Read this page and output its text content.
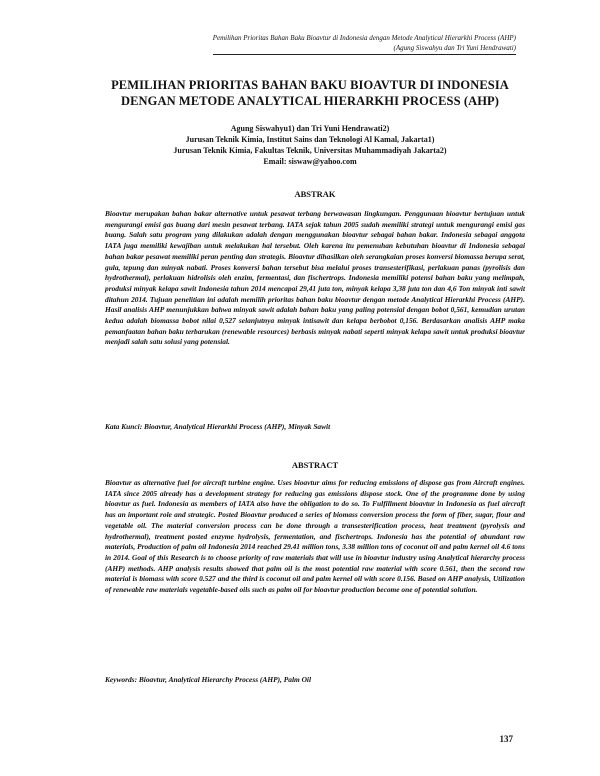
Pemilihan Prioritas Bahan Baku Bioavtur di Indonesia dengan Metode Analytical Hierarkhi Process (AHP)
(Agung Siswahyu dan Tri Yuni Hendrawati)
PEMILIHAN PRIORITAS BAHAN BAKU BIOAVTUR DI INDONESIA
DENGAN METODE ANALYTICAL HIERARKHI PROCESS (AHP)
Agung Siswahyu1) dan Tri Yuni Hendrawati2)
Jurusan Teknik Kimia, Institut Sains dan Teknologi Al Kamal, Jakarta1)
Jurusan Teknik Kimia, Fakultas Teknik, Universitas Muhammadiyah Jakarta2)
Email: siswaw@yahoo.com
ABSTRAK
Bioavtur merupakan bahan bakar alternative untuk pesawat terbang berwawasan lingkungan. Penggunaan bioavtur bertujuan untuk mengurangi emisi gas buang dari mesin pesawat terbang. IATA sejak tahun 2005 sudah memiliki strategi untuk mengurangi emisi gas buang. Salah satu program yang dilakukan adalah dengan menggunakan bioavtur sebagai bahan bakar. Indonesia sebagai anggota IATA juga memiliki kewajiban untuk melakukan hal tersebut. Oleh karena itu pemenuhan kebutuhan bioavtur di Indonesia sebagai bahan bakar pesawat memiliki peran penting dan strategis. Bioavtur dihasilkan oleh serangkaian proses konversi biomassa berupa serat, gula, tepung dan minyak nabati. Proses konversi bahan tersebut bisa melalui proses transesterifikasi, perlakuan panas (pyrolisis dan hydrothermal), perlakuan hidrolisis oleh enzim, fermentasi, dan fischertrops. Indonesia memiliki potensi bahan baku yang melimpah, produksi minyak kelapa sawit Indonesia tahun 2014 mencapai 29,41 juta ton, minyak kelapa 3,38 juta ton dan 4,6 Ton minyak inti sawit ditahun 2014. Tujuan penelitian ini adalah memilih prioritas bahan baku bioavtur dengan metode Analytical Hierarkhi Process (AHP). Hasil analisis AHP menunjukkan bahwa minyak sawit adalah bahan baku yang paling potensial dengan bobot 0,561, kemudian urutan kedua adalah biomassa bobot nilai 0,527 selanjutnya minyak intisawit dan kelapa berbobot 0,156. Berdasarkan analisis AHP maka pemanfaatan bahan baku terbarukan (renewable resources) berbasis minyak nabati seperti minyak kelapa sawit untuk produksi bioavtur menjadi salah satu solusi yang potensial.
Kata Kunci: Bioavtur, Analytical Hierarkhi Process (AHP), Minyak Sawit
ABSTRACT
Bioavtur as alternative fuel for aircraft turbine engine. Uses bioavtur aims for reducing emissions of dispose gas from Aircraft engines. IATA since 2005 already has a development strategy for reducing gas emissions dispose stock. One of the programme done by using bioavtur as fuel. Indonesia as members of IATA also have the obligation to do so. To Fulfillment bioavtur in Indonesia as fuel aircraft has an important role and strategic. Posted Bioavtur produced a series of biomass conversion process the form of fiber, sugar, flour and vegetable oil. The material conversion process can be done through a transesterification process, heat treatment (pyrolysis and hydrothermal), treatment posted enzyme hydrolysis, fermentation, and fischertrops. Indonesia has the potential of abundant raw materials, Production of palm oil Indonesia 2014 reached 29.41 million tons, 3.38 million tons of coconut oil and palm kernel oil 4.6 tons in 2014. Goal of this Research is to choose priority of raw materials that will use in bioavtur industry using Analytical hierarchy process (AHP) methods. AHP analysis results showed that palm oil is the most potential raw material with score 0.561, then the second raw material is biomass with score 0.527 and the third is coconut oil and palm kernel oil with score 0.156. Based on AHP analysis, Utilization of renewable raw materials vegetable-based oils such as palm oil for bioavtur production become one of potential solution.
Keywords: Bioavtur, Analytical Hierarchy Process (AHP), Palm Oil
137
